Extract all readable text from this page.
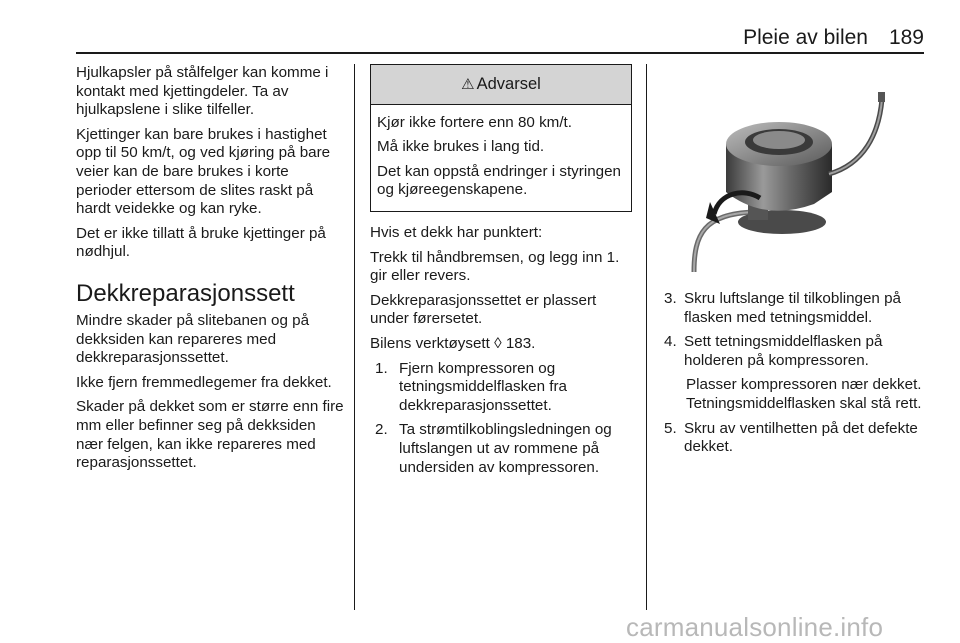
Pleie av bilen 189

Hjulkapsler på stålfelger kan komme i kontakt med kjettingdeler. Ta av hjulkapslene i slike tilfeller.

Kjettinger kan bare brukes i hastighet opp til 50 km/t, og ved kjøring på bare veier kan de bare brukes i korte perioder ettersom de slites raskt på hardt veidekke og kan ryke.

Det er ikke tillatt å bruke kjettinger på nødhjul.

Dekkreparasjonssett

Mindre skader på slitebanen og på dekksiden kan repareres med dekkreparasjonssettet.

Ikke fjern fremmedlegemer fra dekket.

Skader på dekket som er større enn fire mm eller befinner seg på dekksiden nær felgen, kan ikke repareres med reparasjonssettet.

⚠ Advarsel

Kjør ikke fortere enn 80 km/t.

Må ikke brukes i lang tid.

Det kan oppstå endringer i styringen og kjøreegenskapene.

Hvis et dekk har punktert:

Trekk til håndbremsen, og legg inn 1. gir eller revers.

Dekkreparasjonssettet er plassert under førersetet.

Bilens verktøysett ◊ 183.

1. Fjern kompressoren og tetningsmiddelflasken fra dekkreparasjonssettet.
2. Ta strømtilkoblingsledningen og luftslangen ut av rommene på undersiden av kompressoren.
3. Skru luftslange til tilkoblingen på flasken med tetningsmiddel.
4. Sett tetningsmiddelflasken på holderen på kompressoren.

Plasser kompressoren nær dekket. Tetningsmiddelflasken skal stå rett.

5. Skru av ventilhetten på det defekte dekket.
carmanualsonline.info
